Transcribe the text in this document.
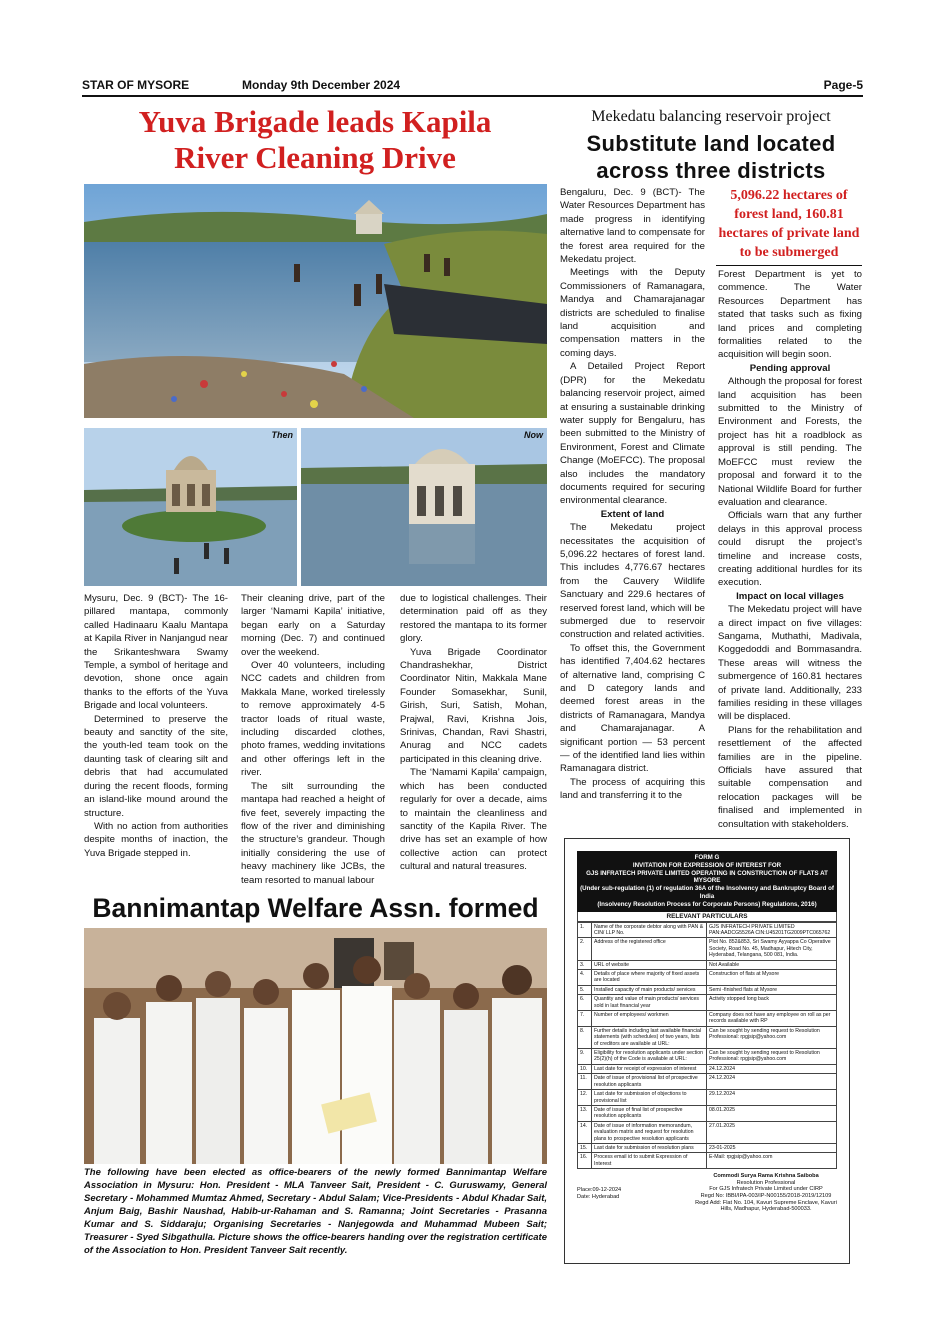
STAR OF MYSORE	Monday 9th December 2024	Page-5
Yuva Brigade leads Kapila
River Cleaning Drive
Then	Now

Mysuru, Dec. 9 (BCT)- The 16-pillared mantapa, commonly called Hadinaaru Kaalu Mantapa at Kapila River in Nanjangud near the Srikanteshwara Swamy Temple, a symbol of heritage and devotion, shone once again thanks to the efforts of the Yuva Brigade and local volunteers.

Determined to preserve the beauty and sanctity of the site, the youth-led team took on the daunting task of clearing silt and debris that had accumulated during the recent floods, forming an island-like mound around the structure.

With no action from authorities despite months of inaction, the Yuva Brigade stepped in.

Their cleaning drive, part of the larger ‘Namami Kapila’ initiative, began early on a Saturday morning (Dec. 7) and continued over the weekend.

Over 40 volunteers, including NCC cadets and children from Makkala Mane, worked tirelessly to remove approximately 4-5 tractor loads of ritual waste, including discarded clothes, photo frames, wedding invitations and other offerings left in the river.

The silt surrounding the mantapa had reached a height of five feet, severely impacting the flow of the river and diminishing the structure’s grandeur. Though initially considering the use of heavy machinery like JCBs, the team resorted to manual labour

due to logistical challenges. Their determination paid off as they restored the mantapa to its former glory.

Yuva Brigade Coordinator Chandrashekhar, District Coordinator Nitin, Makkala Mane Founder Somasekhar, Sunil, Girish, Suri, Satish, Mohan, Prajwal, Ravi, Krishna Jois, Srinivas, Chandan, Ravi Shastri, Anurag and NCC cadets participated in this cleaning drive.

The ‘Namami Kapila’ campaign, which has been conducted regularly for over a decade, aims to maintain the cleanliness and sanctity of the Kapila River. The drive has set an example of how collective action can protect cultural and natural treasures.

Mekedatu balancing reservoir project
Substitute land located
across three districts
5,096.22 hectares of forest land, 160.81 hectares of private land to be submerged

Bengaluru, Dec. 9 (BCT)- The Water Resources Department has made progress in identifying alternative land to compensate for the forest area required for the Mekedatu project.

Meetings with the Deputy Commissioners of Ramanagara, Mandya and Chamarajanagar districts are scheduled to finalise land acquisition and compensation matters in the coming days.

A Detailed Project Report (DPR) for the Mekedatu balancing reservoir project, aimed at ensuring a sustainable drinking water supply for Bengaluru, has been submitted to the Ministry of Environment, Forest and Climate Change (MoEFCC). The proposal also includes the mandatory documents required for securing environmental clearance.

Extent of land

The Mekedatu project necessitates the acquisition of 5,096.22 hectares of forest land. This includes 4,776.67 hectares from the Cauvery Wildlife Sanctuary and 229.6 hectares of reserved forest land, which will be submerged due to reservoir construction and related activities.

To offset this, the Government has identified 7,404.62 hectares of alternative land, comprising C and D category lands and deemed forest areas in the districts of Ramanagara, Mandya and Chamarajanagar. A significant portion — 53 percent — of the identified land lies within Ramanagara district.

The process of acquiring this land and transferring it to the

Forest Department is yet to commence. The Water Resources Department has stated that tasks such as fixing land prices and completing formalities related to the acquisition will begin soon.

Pending approval

Although the proposal for forest land acquisition has been submitted to the Ministry of Environment and Forests, the project has hit a roadblock as approval is still pending. The MoEFCC must review the proposal and forward it to the National Wildlife Board for further evaluation and clearance.

Officials warn that any further delays in this approval process could disrupt the project’s timeline and increase costs, creating additional hurdles for its execution.

Impact on local villages

The Mekedatu project will have a direct impact on five villages: Sangama, Muthathi, Madivala, Koggedoddi and Bommasandra. These areas will witness the submergence of 160.81 hectares of private land. Additionally, 233 families residing in these villages will be displaced.

Plans for the rehabilitation and resettlement of the affected families are in the pipeline. Officials have assured that suitable compensation and relocation packages will be finalised and implemented in consultation with stakeholders.

Bannimantap Welfare Assn. formed
The following have been elected as office-bearers of the newly formed Bannimantap Welfare Association in Mysuru: Hon. President - MLA Tanveer Sait, President - C. Guruswamy, General Secretary - Mohammed Mumtaz Ahmed, Secretary - Abdul Salam; Vice-Presidents - Abdul Khadar Sait, Anjum Baig, Bashir Naushad, Habib-ur-Rahaman and S. Ramanna; Joint Secretaries - Prasanna Kumar and S. Siddaraju; Organising Secretaries - Nanjegowda and Muhammad Mubeen Sait; Treasurer - Syed Sibgathulla. Picture shows the office-bearers handing over the registration certificate of the Association to Hon. President Tanveer Sait recently.
FORM G
INVITATION FOR EXPRESSION OF INTEREST FOR
GJS INFRATECH PRIVATE LIMITED OPERATING IN CONSTRUCTION OF FLATS AT MYSORE
(Under sub-regulation (1) of regulation 36A of the Insolvency and Bankruptcy Board of India
(Insolvency Resolution Process for Corporate Persons) Regulations, 2016)
RELEVANT PARTICULARS
1.	Name of the corporate debtor along with PAN & CIN/ LLP No.	GJS INFRATECH PRIVATE LIMITED PAN:AADCG5526A CIN:U45201TG2009PTC065762
2.	Address of the registered office	Plot No. 852&853, Sri Swamy Ayyappa Co Operative Society, Road No. 45, Madhapur, Hitech City, Hyderabad, Telangana, 500 081, India.
3.	URL of website	Not Available
4.	Details of place where majority of fixed assets are located	Construction of flats at Mysore
5.	Installed capacity of main products/ services	Semi -finished flats at Mysore
6.	Quantity and value of main products/ services sold in last financial year	Activity stopped long back
7.	Number of employees/ workmen	Company does not have any employee on roll as per records available with RP
8.	Further details including last available financial statements (with schedules) of two years, lists of creditors are available at URL:	Can be sought by sending request to Resolution Professional: rpgjsip@yahoo.com
9.	Eligibility for resolution applicants under section 25(2)(h) of the Code is available at URL:	Can be sought by sending request to Resolution Professional: rpgjsip@yahoo.com
10.	Last date for receipt of expression of interest	24.12.2024
11.	Date of issue of provisional list of prospective resolution applicants	24.12.2024
12.	Last date for submission of objections to provisional list	29.12.2024
13.	Date of issue of final list of prospective resolution applicants	08.01.2025
14.	Date of issue of information memorandum, evaluation matrix and request for resolution plans to prospective resolution applicants	27.01.2025
15.	Last date for submission of resolution plans	23-01-2025
16.	Process email id to submit Expression of Interest	E-Mail: rpgjsip@yahoo.com
Place:09-12-2024
Date: Hyderabad
Commodi Surya Rama Krishna Saiboba
Resolution Professional
For GJS Infratech Private Limited under CIRP
Regd No: IBBI/IPA-003/IP-N00155/2018-2019/12109
Regd Add: Flat No. 104, Kavuri Supreme Enclave, Kavuri Hills, Madhapur, Hyderabad-500033.
